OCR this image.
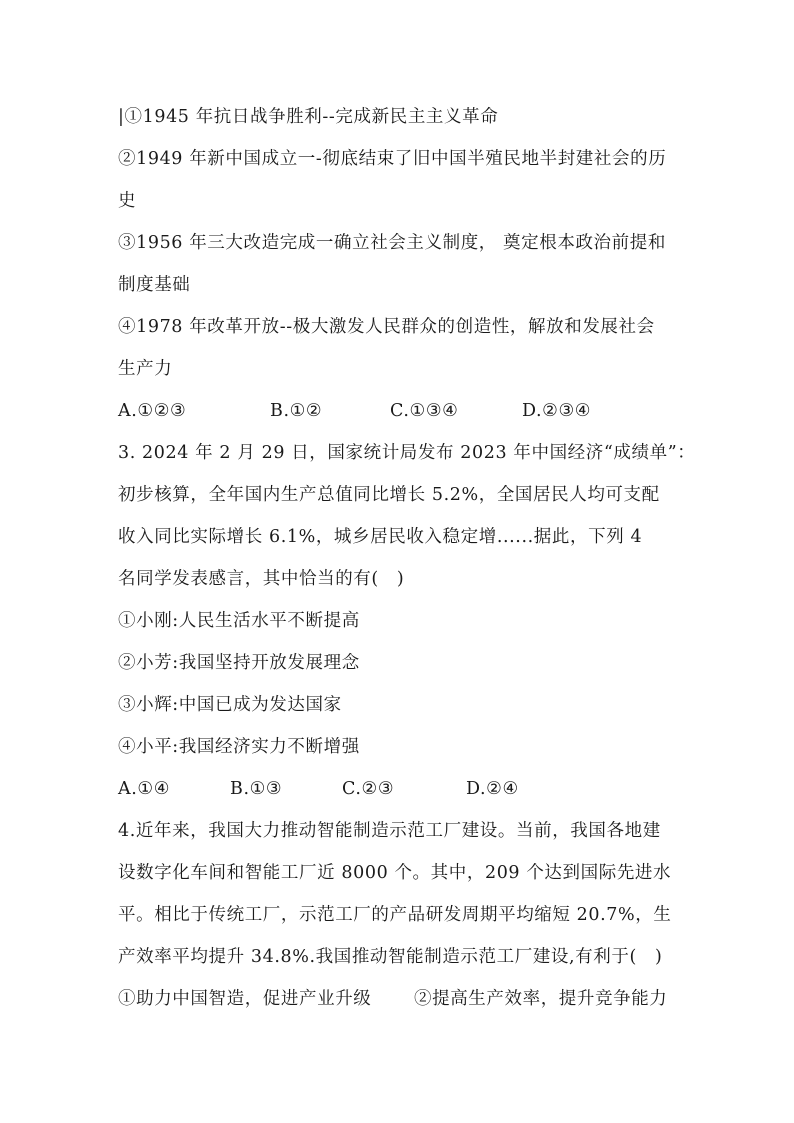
|①1945 年抗日战争胜利--完成新民主主义革命
②1949 年新中国成立一-彻底结束了旧中国半殖民地半封建社会的历
史
③1956 年三大改造完成一确立社会主义制度， 奠定根本政治前提和
制度基础
④1978 年改革开放--极大激发人民群众的创造性，解放和发展社会
生产力
A.①②③	B.①②	C.①③④	D.②③④
3. 2024 年 2 月 29 日，国家统计局发布 2023 年中国经济“成绩单”：
初步核算，全年国内生产总值同比增长 5.2%，全国居民人均可支配
收入同比实际增长 6.1%，城乡居民收入稳定增......据此，下列 4
名同学发表感言，其中恰当的有(　)
①小刚:人民生活水平不断提高
②小芳:我国坚持开放发展理念
③小辉:中国已成为发达国家
④小平:我国经济实力不断增强
A.①④	B.①③	C.②③	D.②④
4.近年来，我国大力推动智能制造示范工厂建设。当前，我国各地建
设数字化车间和智能工厂近 8000 个。其中，209 个达到国际先进水
平。相比于传统工厂，示范工厂的产品研发周期平均缩短 20.7%，生
产效率平均提升 34.8%.我国推动智能制造示范工厂建设,有利于(　)
①助力中国智造，促进产业升级 ②提高生产效率，提升竞争能力
